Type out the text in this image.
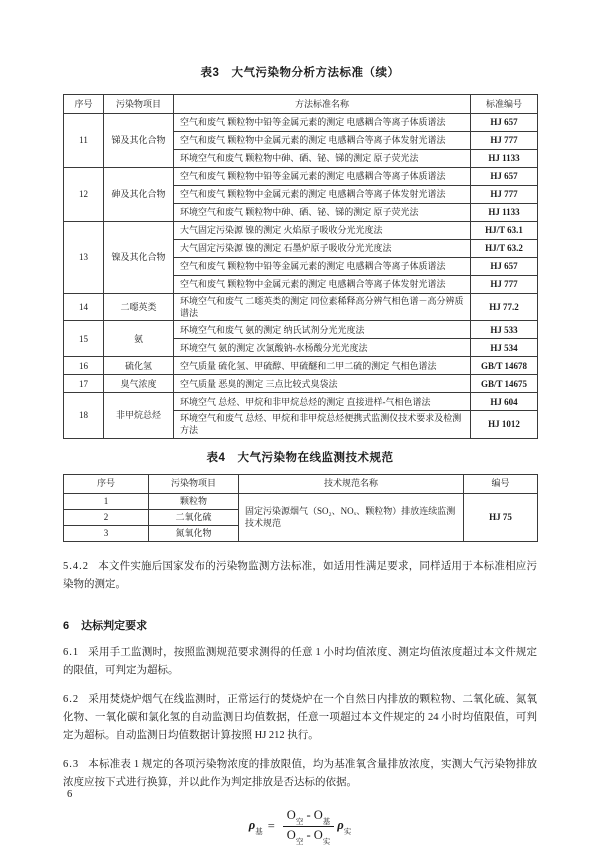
表3 大气污染物分析方法标准（续）
序号	污染物项目	方法标准名称	标准编号
11	锑及其化合物	空气和废气 颗粒物中铅等金属元素的测定 电感耦合等离子体质谱法	HJ 657
		空气和废气 颗粒物中金属元素的测定 电感耦合等离子体发射光谱法	HJ 777
		环境空气和废气 颗粒物中砷、硒、铋、锑的测定 原子荧光法	HJ 1133
12	砷及其化合物	空气和废气 颗粒物中铅等金属元素的测定 电感耦合等离子体质谱法	HJ 657
		空气和废气 颗粒物中金属元素的测定 电感耦合等离子体发射光谱法	HJ 777
		环境空气和废气 颗粒物中砷、硒、铋、锑的测定 原子荧光法	HJ 1133
13	镍及其化合物	大气固定污染源 镍的测定 火焰原子吸收分光光度法	HJ/T 63.1
		大气固定污染源 镍的测定 石墨炉原子吸收分光光度法	HJ/T 63.2
		空气和废气 颗粒物中铅等金属元素的测定 电感耦合等离子体质谱法	HJ 657
		空气和废气 颗粒物中金属元素的测定 电感耦合等离子体发射光谱法	HJ 777
14	二噁英类	环境空气和废气 二噁英类的测定 同位素稀释高分辨气相色谱－高分辨质谱法	HJ 77.2
15	氨	环境空气和废气 氨的测定 纳氏试剂分光光度法	HJ 533
		环境空气 氨的测定 次氯酸钠-水杨酸分光光度法	HJ 534
16	硫化氢	空气质量 硫化氢、甲硫醇、甲硫醚和二甲二硫的测定 气相色谱法	GB/T 14678
17	臭气浓度	空气质量 恶臭的测定 三点比较式臭袋法	GB/T 14675
18	非甲烷总烃	环境空气 总烃、甲烷和非甲烷总烃的测定 直接进样-气相色谱法	HJ 604
		环境空气和废气 总烃、甲烷和非甲烷总烃便携式监测仪技术要求及检测方法	HJ 1012
表4 大气污染物在线监测技术规范
序号	污染物项目	技术规范名称	编号
1	颗粒物	固定污染源烟气（SO₂、NOₓ、颗粒物）排放连续监测技术规范	HJ 75
2	二氧化硫		
3	氮氧化物		

5.4.2 本文件实施后国家发布的污染物监测方法标准，如适用性满足要求，同样适用于本标准相应污染物的测定。

6 达标判定要求

6.1 采用手工监测时，按照监测规范要求测得的任意 1 小时均值浓度、测定均值浓度超过本文件规定的限值，可判定为超标。

6.2 采用焚烧炉烟气在线监测时，正常运行的焚烧炉在一个自然日内排放的颗粒物、二氧化硫、氮氧化物、一氧化碳和氯化氢的自动监测日均值数据，任意一项超过本文件规定的 24 小时均值限值，可判定为超标。自动监测日均值数据计算按照 HJ 212 执行。

6.3 本标准表 1 规定的各项污染物浓度的排放限值，均为基准氧含量排放浓度，实测大气污染物排放浓度应按下式进行换算，并以此作为判定排放是否达标的依据。

$\rho_基 = \frac{O_空 - O_基}{O_空 - O_实} \rho_实$
6
